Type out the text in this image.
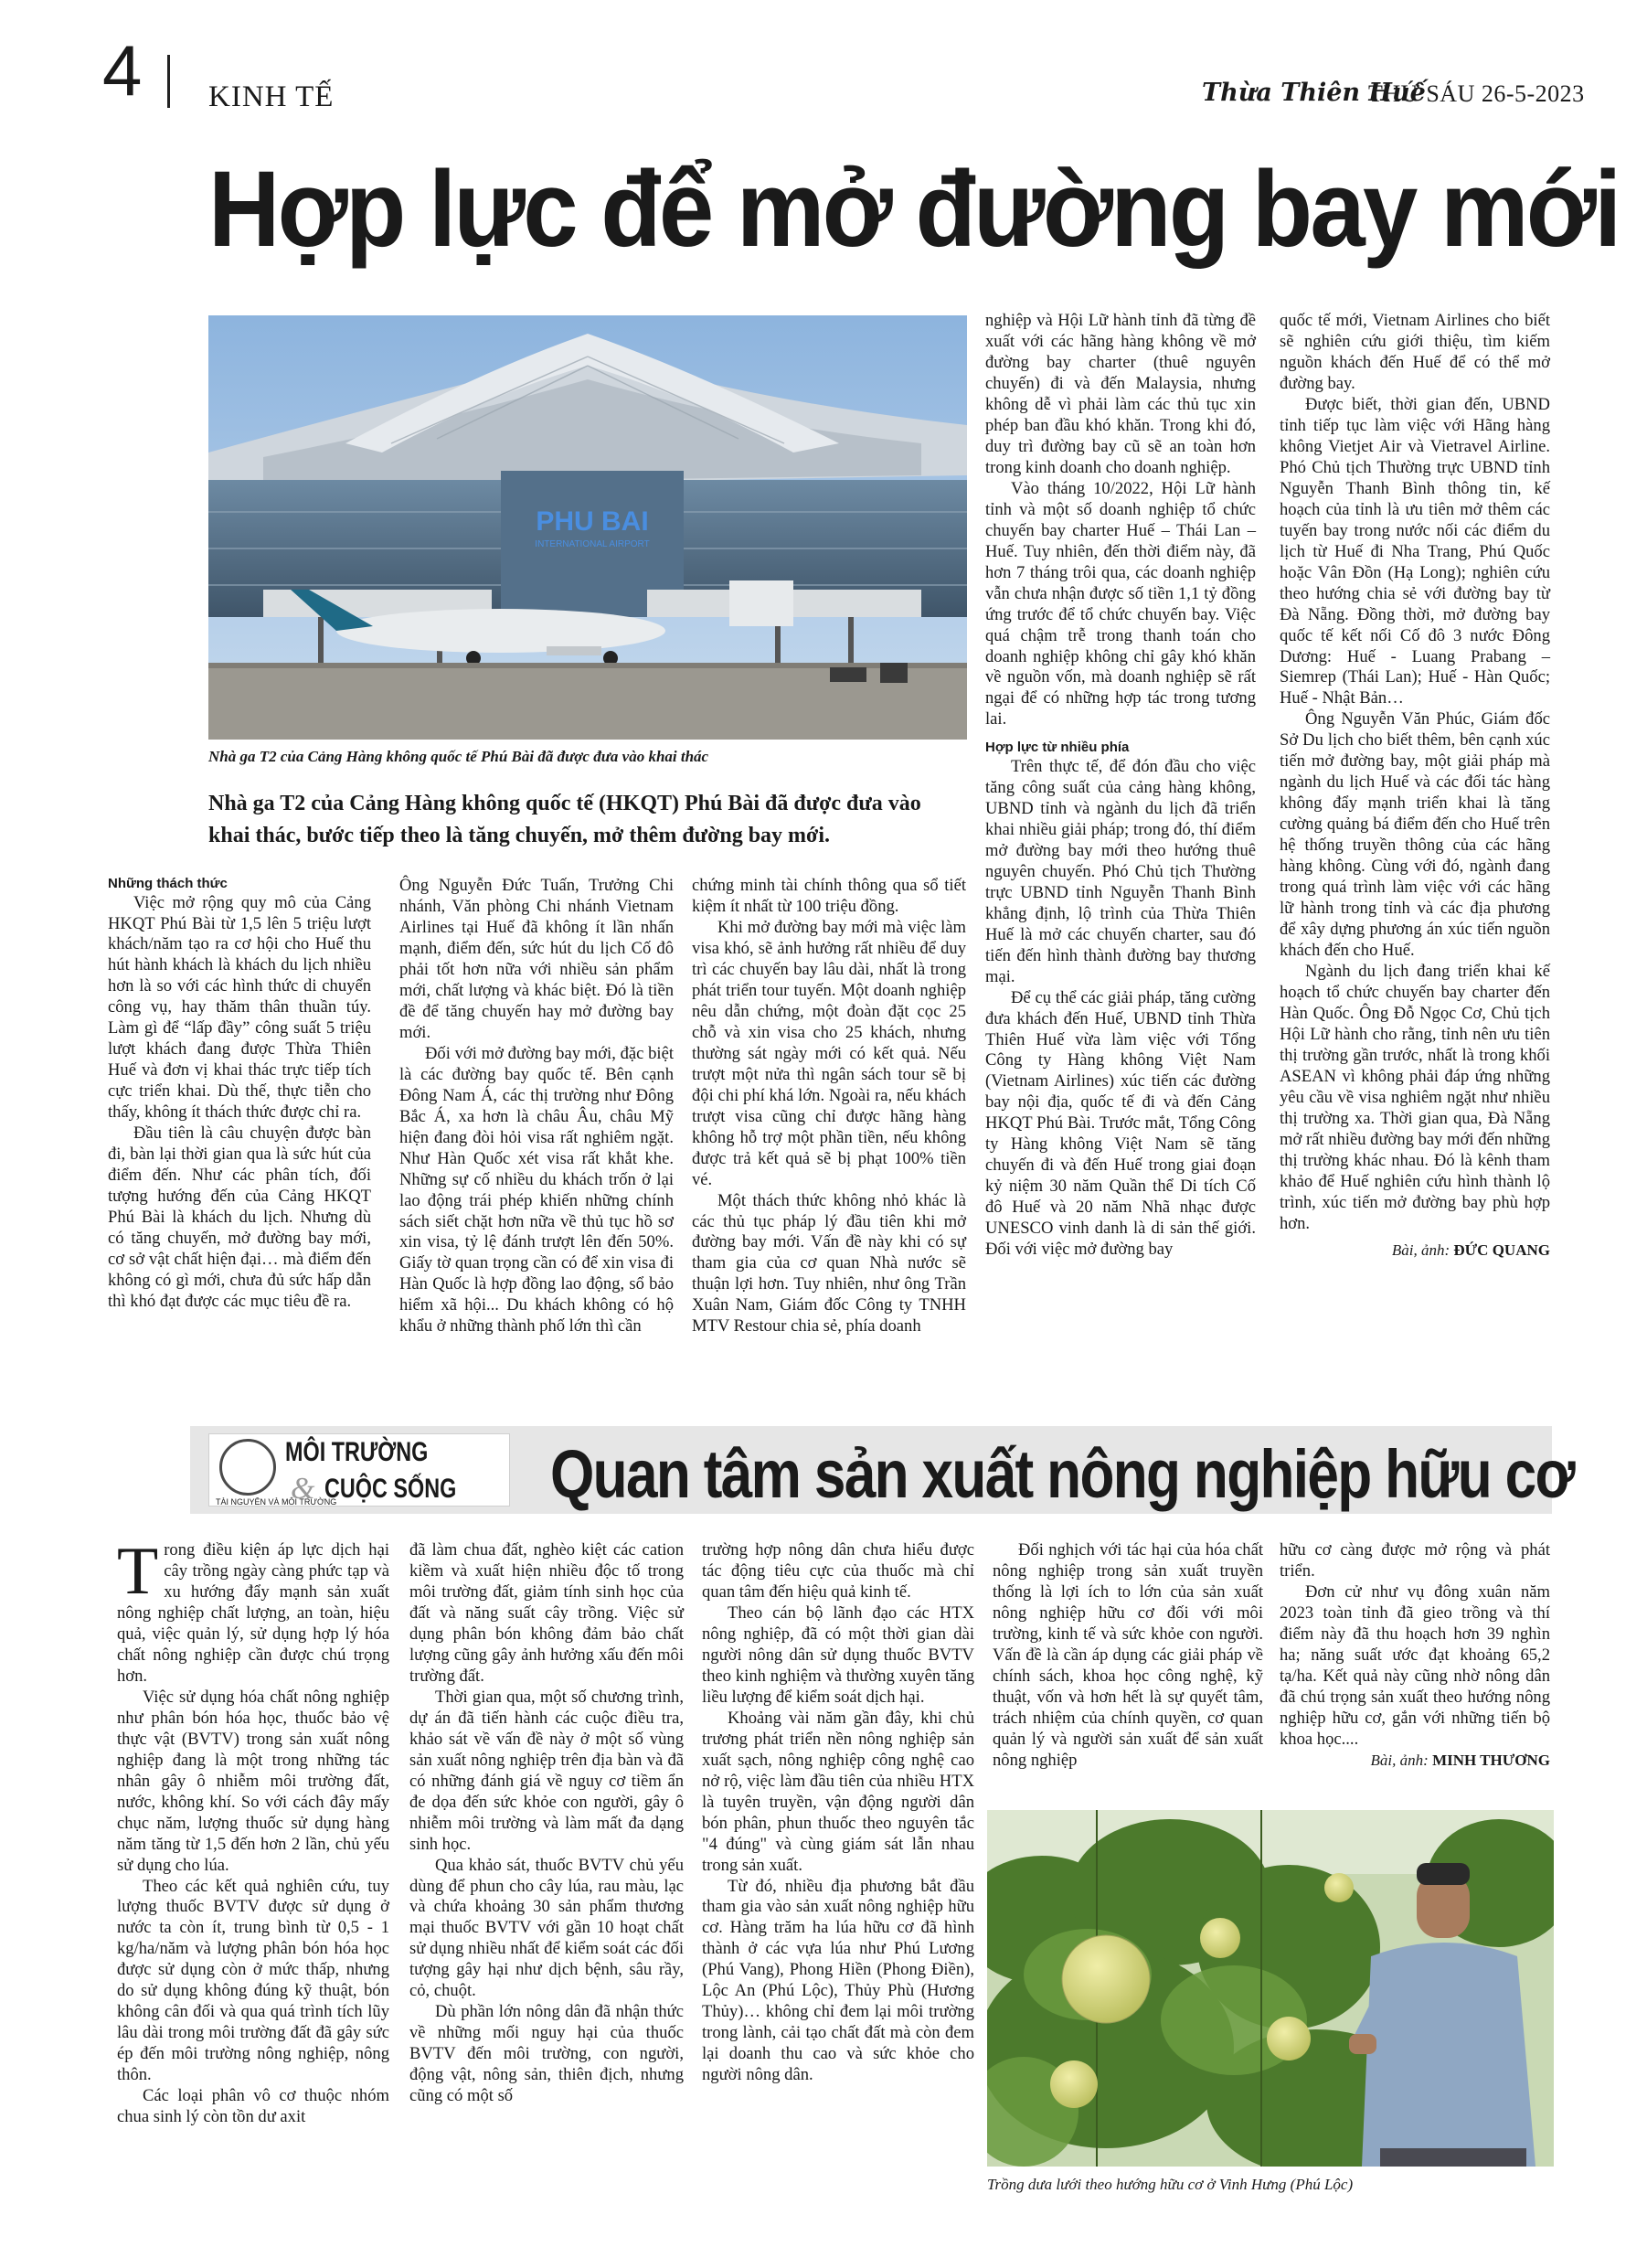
4 KINH TẾ	Thừa Thiên Huế
THỨ SÁU 26-5-2023
Hợp lực để mở đường bay mới
PHU BAI
INTERNATIONAL AIRPORT
Nhà ga T2 của Cảng Hàng không quốc tế Phú Bài đã được đưa vào khai thác
Nhà ga T2 của Cảng Hàng không quốc tế (HKQT) Phú Bài đã được đưa vào khai thác, bước tiếp theo là tăng chuyến, mở thêm đường bay mới.

Những thách thức

Việc mở rộng quy mô của Cảng HKQT Phú Bài từ 1,5 lên 5 triệu lượt khách/năm tạo ra cơ hội cho Huế thu hút hành khách là khách du lịch nhiều hơn là so với các hình thức di chuyển công vụ, hay thăm thân thuần túy. Làm gì để “lấp đầy” công suất 5 triệu lượt khách đang được Thừa Thiên Huế và đơn vị khai thác trực tiếp tích cực triển khai. Dù thế, thực tiễn cho thấy, không ít thách thức được chỉ ra.

Đầu tiên là câu chuyện được bàn đi, bàn lại thời gian qua là sức hút của điểm đến. Như các phân tích, đối tượng hướng đến của Cảng HKQT Phú Bài là khách du lịch. Nhưng dù có tăng chuyến, mở đường bay mới, cơ sở vật chất hiện đại… mà điểm đến không có gì mới, chưa đủ sức hấp dẫn thì khó đạt được các mục tiêu đề ra.

Ông Nguyễn Đức Tuấn, Trưởng Chi nhánh, Văn phòng Chi nhánh Vietnam Airlines tại Huế đã không ít lần nhấn mạnh, điểm đến, sức hút du lịch Cố đô phải tốt hơn nữa với nhiều sản phẩm mới, chất lượng và khác biệt. Đó là tiền đề để tăng chuyến hay mở đường bay mới.

Đối với mở đường bay mới, đặc biệt là các đường bay quốc tế. Bên cạnh Đông Nam Á, các thị trường như Đông Bắc Á, xa hơn là châu Âu, châu Mỹ hiện đang đòi hỏi visa rất nghiêm ngặt. Như Hàn Quốc xét visa rất khắt khe. Những sự cố nhiều du khách trốn ở lại lao động trái phép khiến những chính sách siết chặt hơn nữa về thủ tục hồ sơ xin visa, tỷ lệ đánh trượt lên đến 50%. Giấy tờ quan trọng cần có để xin visa đi Hàn Quốc là hợp đồng lao động, sổ bảo hiểm xã hội... Du khách không có hộ khẩu ở những thành phố lớn thì cần

chứng minh tài chính thông qua sổ tiết kiệm ít nhất từ 100 triệu đồng.

Khi mở đường bay mới mà việc làm visa khó, sẽ ảnh hưởng rất nhiều để duy trì các chuyến bay lâu dài, nhất là trong phát triển tour tuyến. Một doanh nghiệp nêu dẫn chứng, một đoàn đặt cọc 25 chỗ và xin visa cho 25 khách, nhưng thường sát ngày mới có kết quả. Nếu trượt một nửa thì ngân sách tour sẽ bị đội chi phí khá lớn. Ngoài ra, nếu khách trượt visa cũng chỉ được hãng hàng không hỗ trợ một phần tiền, nếu không được trả kết quả sẽ bị phạt 100% tiền vé.

Một thách thức không nhỏ khác là các thủ tục pháp lý đầu tiên khi mở đường bay mới. Vấn đề này khi có sự tham gia của cơ quan Nhà nước sẽ thuận lợi hơn. Tuy nhiên, như ông Trần Xuân Nam, Giám đốc Công ty TNHH MTV Restour chia sẻ, phía doanh

nghiệp và Hội Lữ hành tỉnh đã từng đề xuất với các hãng hàng không về mở đường bay charter (thuê nguyên chuyến) đi và đến Malaysia, nhưng không dễ vì phải làm các thủ tục xin phép ban đầu khó khăn. Trong khi đó, duy trì đường bay cũ sẽ an toàn hơn trong kinh doanh cho doanh nghiệp.

Vào tháng 10/2022, Hội Lữ hành tỉnh và một số doanh nghiệp tổ chức chuyến bay charter Huế – Thái Lan – Huế. Tuy nhiên, đến thời điểm này, đã hơn 7 tháng trôi qua, các doanh nghiệp vẫn chưa nhận được số tiền 1,1 tỷ đồng ứng trước để tổ chức chuyến bay. Việc quá chậm trễ trong thanh toán cho doanh nghiệp không chỉ gây khó khăn về nguồn vốn, mà doanh nghiệp sẽ rất ngại để có những hợp tác trong tương lai.

Hợp lực từ nhiều phía

Trên thực tế, để đón đầu cho việc tăng công suất của cảng hàng không, UBND tỉnh và ngành du lịch đã triển khai nhiều giải pháp; trong đó, thí điểm mở đường bay mới theo hướng thuê nguyên chuyến. Phó Chủ tịch Thường trực UBND tỉnh Nguyễn Thanh Bình khẳng định, lộ trình của Thừa Thiên Huế là mở các chuyến charter, sau đó tiến đến hình thành đường bay thương mại.

Để cụ thể các giải pháp, tăng cường đưa khách đến Huế, UBND tỉnh Thừa Thiên Huế vừa làm việc với Tổng Công ty Hàng không Việt Nam (Vietnam Airlines) xúc tiến các đường bay nội địa, quốc tế đi và đến Cảng HKQT Phú Bài. Trước mắt, Tổng Công ty Hàng không Việt Nam sẽ tăng chuyến đi và đến Huế trong giai đoạn kỷ niệm 30 năm Quần thể Di tích Cố đô Huế và 20 năm Nhã nhạc được UNESCO vinh danh là di sản thế giới. Đối với việc mở đường bay

quốc tế mới, Vietnam Airlines cho biết sẽ nghiên cứu giới thiệu, tìm kiếm nguồn khách đến Huế để có thể mở đường bay.

Được biết, thời gian đến, UBND tỉnh tiếp tục làm việc với Hãng hàng không Vietjet Air và Vietravel Airline. Phó Chủ tịch Thường trực UBND tỉnh Nguyễn Thanh Bình thông tin, kế hoạch của tỉnh là ưu tiên mở thêm các tuyến bay trong nước nối các điểm du lịch từ Huế đi Nha Trang, Phú Quốc hoặc Vân Đồn (Hạ Long); nghiên cứu theo hướng chia sẻ với đường bay từ Đà Nẵng. Đồng thời, mở đường bay quốc tế kết nối Cố đô 3 nước Đông Dương: Huế - Luang Prabang – Siemrep (Thái Lan); Huế - Hàn Quốc; Huế - Nhật Bản…

Ông Nguyễn Văn Phúc, Giám đốc Sở Du lịch cho biết thêm, bên cạnh xúc tiến mở đường bay, một giải pháp mà ngành du lịch Huế và các đối tác hàng không đẩy mạnh triển khai là tăng cường quảng bá điểm đến cho Huế trên hệ thống truyền thông của các hãng hàng không. Cùng với đó, ngành đang trong quá trình làm việc với các hãng lữ hành trong tỉnh và các địa phương để xây dựng phương án xúc tiến nguồn khách đến cho Huế.

Ngành du lịch đang triển khai kế hoạch tổ chức chuyến bay charter đến Hàn Quốc. Ông Đỗ Ngọc Cơ, Chủ tịch Hội Lữ hành cho rằng, tỉnh nên ưu tiên thị trường gần trước, nhất là trong khối ASEAN vì không phải đáp ứng những yêu cầu về visa nghiêm ngặt như nhiều thị trường xa. Thời gian qua, Đà Nẵng mở rất nhiều đường bay mới đến những thị trường khác nhau. Đó là kênh tham khảo để Huế nghiên cứu hình thành lộ trình, xúc tiến mở đường bay phù hợp hơn.

Bài, ảnh: ĐỨC QUANG

MÔI TRƯỜNG
& CUỘC SỐNG
TÀI NGUYÊN VÀ MÔI TRƯỜNG	Quan tâm sản xuất nông nghiệp hữu cơ

Trong điều kiện áp lực dịch hại cây trồng ngày càng phức tạp và xu hướng đẩy mạnh sản xuất nông nghiệp chất lượng, an toàn, hiệu quả, việc quản lý, sử dụng hợp lý hóa chất nông nghiệp cần được chú trọng hơn.

Việc sử dụng hóa chất nông nghiệp như phân bón hóa học, thuốc bảo vệ thực vật (BVTV) trong sản xuất nông nghiệp đang là một trong những tác nhân gây ô nhiễm môi trường đất, nước, không khí. So với cách đây mấy chục năm, lượng thuốc sử dụng hàng năm tăng từ 1,5 đến hơn 2 lần, chủ yếu sử dụng cho lúa.

Theo các kết quả nghiên cứu, tuy lượng thuốc BVTV được sử dụng ở nước ta còn ít, trung bình từ 0,5 - 1 kg/ha/năm và lượng phân bón hóa học được sử dụng còn ở mức thấp, nhưng do sử dụng không đúng kỹ thuật, bón không cân đối và qua quá trình tích lũy lâu dài trong môi trường đất đã gây sức ép đến môi trường nông nghiệp, nông thôn.

Các loại phân vô cơ thuộc nhóm chua sinh lý còn tồn dư axit

đã làm chua đất, nghèo kiệt các cation kiềm và xuất hiện nhiều độc tố trong môi trường đất, giảm tính sinh học của đất và năng suất cây trồng. Việc sử dụng phân bón không đảm bảo chất lượng cũng gây ảnh hưởng xấu đến môi trường đất.

Thời gian qua, một số chương trình, dự án đã tiến hành các cuộc điều tra, khảo sát về vấn đề này ở một số vùng sản xuất nông nghiệp trên địa bàn và đã có những đánh giá về nguy cơ tiềm ẩn đe dọa đến sức khỏe con người, gây ô nhiễm môi trường và làm mất đa dạng sinh học.

Qua khảo sát, thuốc BVTV chủ yếu dùng để phun cho cây lúa, rau màu, lạc và chứa khoảng 30 sản phẩm thương mại thuốc BVTV với gần 10 hoạt chất sử dụng nhiều nhất để kiểm soát các đối tượng gây hại như dịch bệnh, sâu rầy, cỏ, chuột.

Dù phần lớn nông dân đã nhận thức về những mối nguy hại của thuốc BVTV đến môi trường, con người, động vật, nông sản, thiên địch, nhưng cũng có một số

trường hợp nông dân chưa hiểu được tác động tiêu cực của thuốc mà chỉ quan tâm đến hiệu quả kinh tế.

Theo cán bộ lãnh đạo các HTX nông nghiệp, đã có một thời gian dài người nông dân sử dụng thuốc BVTV theo kinh nghiệm và thường xuyên tăng liều lượng để kiểm soát dịch hại.

Khoảng vài năm gần đây, khi chủ trương phát triển nền nông nghiệp sản xuất sạch, nông nghiệp công nghệ cao nở rộ, việc làm đầu tiên của nhiều HTX là tuyên truyền, vận động người dân bón phân, phun thuốc theo nguyên tắc "4 đúng" và cùng giám sát lẫn nhau trong sản xuất.

Từ đó, nhiều địa phương bắt đầu tham gia vào sản xuất nông nghiệp hữu cơ. Hàng trăm ha lúa hữu cơ đã hình thành ở các vựa lúa như Phú Lương (Phú Vang), Phong Hiền (Phong Điền), Lộc An (Phú Lộc), Thủy Phù (Hương Thủy)… không chỉ đem lại môi trường trong lành, cải tạo chất đất mà còn đem lại doanh thu cao và sức khỏe cho người nông dân.

Đối nghịch với tác hại của hóa chất nông nghiệp trong sản xuất truyền thống là lợi ích to lớn của sản xuất nông nghiệp hữu cơ đối với môi trường, kinh tế và sức khỏe con người. Vấn đề là cần áp dụng các giải pháp về chính sách, khoa học công nghệ, kỹ thuật, vốn và hơn hết là sự quyết tâm, trách nhiệm của chính quyền, cơ quan quản lý và người sản xuất để sản xuất nông nghiệp

hữu cơ càng được mở rộng và phát triển.

Đơn cử như vụ đông xuân năm 2023 toàn tỉnh đã gieo trồng và thí điểm này đã thu hoạch hơn 39 nghìn ha; năng suất ước đạt khoảng 65,2 tạ/ha. Kết quả này cũng nhờ nông dân đã chú trọng sản xuất theo hướng nông nghiệp hữu cơ, gắn với những tiến bộ khoa học....

Bài, ảnh: MINH THƯƠNG

Trồng dưa lưới theo hướng hữu cơ ở Vinh Hưng (Phú Lộc)
